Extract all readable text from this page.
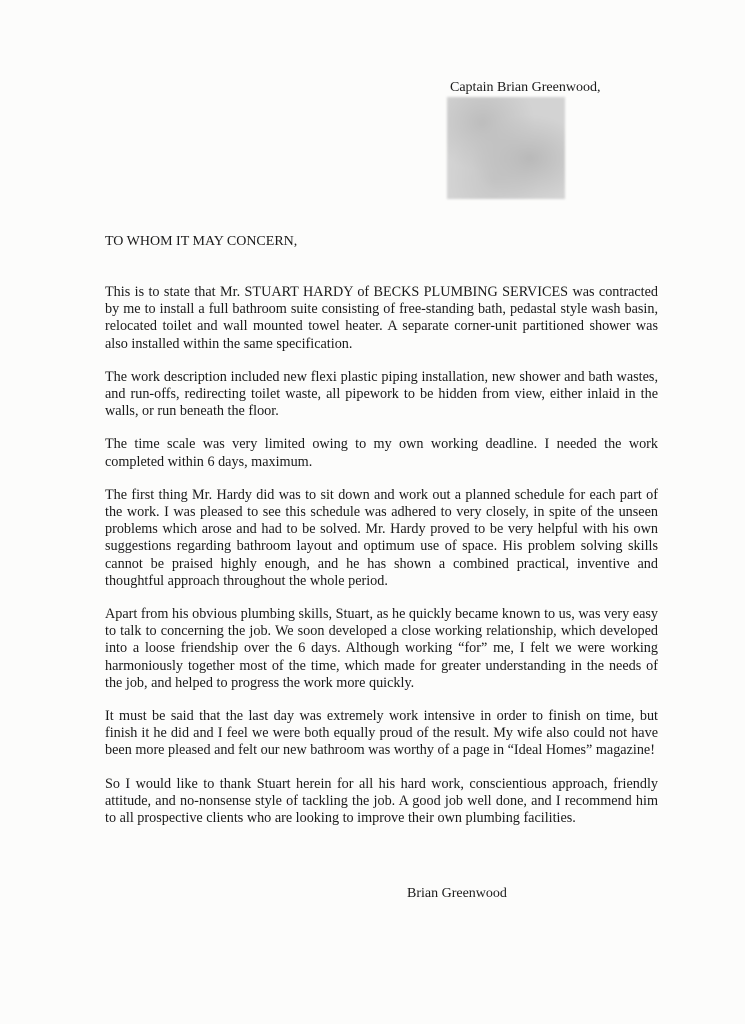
Captain Brian Greenwood,
TO WHOM IT MAY CONCERN,

This is to state that Mr. STUART HARDY of BECKS PLUMBING SERVICES was contracted by me to install a full bathroom suite consisting of free-standing bath, pedastal style wash basin, relocated toilet and wall mounted towel heater. A separate corner-unit partitioned shower was also installed within the same specification.

The work description included new flexi plastic piping installation, new shower and bath wastes, and run-offs, redirecting toilet waste, all pipework to be hidden from view, either inlaid in the walls, or run beneath the floor.

The time scale was very limited owing to my own working deadline. I needed the work completed within 6 days, maximum.

The first thing Mr. Hardy did was to sit down and work out a planned schedule for each part of the work. I was pleased to see this schedule was adhered to very closely, in spite of the unseen problems which arose and had to be solved. Mr. Hardy proved to be very helpful with his own suggestions regarding bathroom layout and optimum use of space. His problem solving skills cannot be praised highly enough, and he has shown a combined practical, inventive and thoughtful approach throughout the whole period.

Apart from his obvious plumbing skills, Stuart, as he quickly became known to us, was very easy to talk to concerning the job. We soon developed a close working relationship, which developed into a loose friendship over the 6 days. Although working “for” me, I felt we were working harmoniously together most of the time, which made for greater understanding in the needs of the job, and helped to progress the work more quickly.

It must be said that the last day was extremely work intensive in order to finish on time, but finish it he did and I feel we were both equally proud of the result. My wife also could not have been more pleased and felt our new bathroom was worthy of a page in “Ideal Homes” magazine!

So I would like to thank Stuart herein for all his hard work, conscientious approach, friendly attitude, and no-nonsense style of tackling the job. A good job well done, and I recommend him to all prospective clients who are looking to improve their own plumbing facilities.

Brian Greenwood
